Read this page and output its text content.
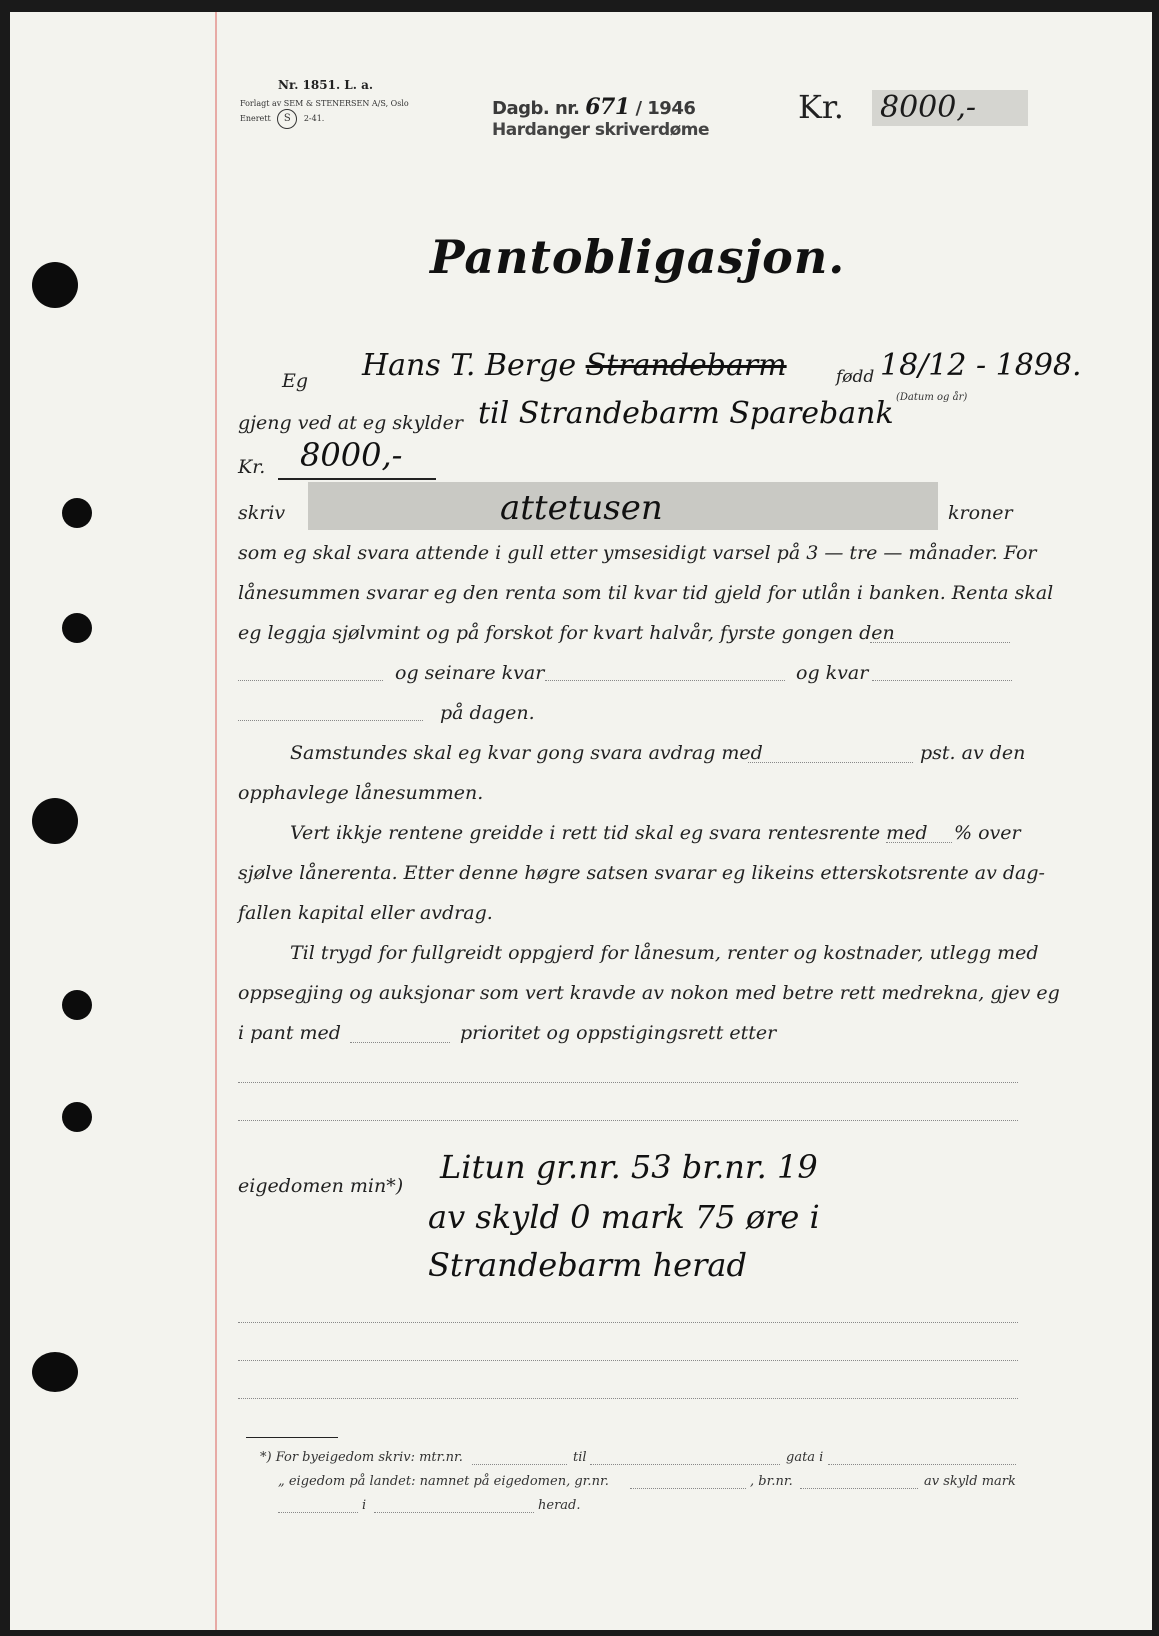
Nr. 1851. L. a.
Forlagt av SEM & STENERSEN A/S, Oslo
Enerett S 2-41.	Dagb. nr. 671 / 1946
Hardanger skriverdøme
Kr. 8000,-
Pantobligasjon.
Eg Hans T. Berge Strandebarm	fødd 18/12 - 1898.
(Datum og år)
gjeng ved at eg skylder til Strandebarm Sparebank
Kr. 8000,-
skriv	attetusen	kroner
som eg skal svara attende i gull etter ymsesidigt varsel på 3 — tre — månader. For
lånesummen svarar eg den renta som til kvar tid gjeld for utlån i banken. Renta skal
eg leggja sjølvmint og på forskot for kvart halvår, fyrste gongen den
og seinare kvar	og kvar
på dagen.
Samstundes skal eg kvar gong svara avdrag med	pst. av den
opphavlege lånesummen.
Vert ikkje rentene greidde i rett tid skal eg svara rentesrente med % over
sjølve lånerenta. Etter denne høgre satsen svarar eg likeins etterskotsrente av dag-
fallen kapital eller avdrag.
Til trygd for fullgreidt oppgjerd for lånesum, renter og kostnader, utlegg med
oppsegjing og auksjonar som vert kravde av nokon med betre rett medrekna, gjev eg
i pant med	prioritet og oppstigingsrett etter
eigedomen min*) Litun gr.nr. 53 br.nr. 19
av skyld 0 mark 75 øre i
Strandebarm herad
*) For byeigedom skriv: mtr.nr.	til	gata i
„ eigedom på landet: namnet på eigedomen, gr.nr.	, br.nr.	av skyld mark
i	herad.
